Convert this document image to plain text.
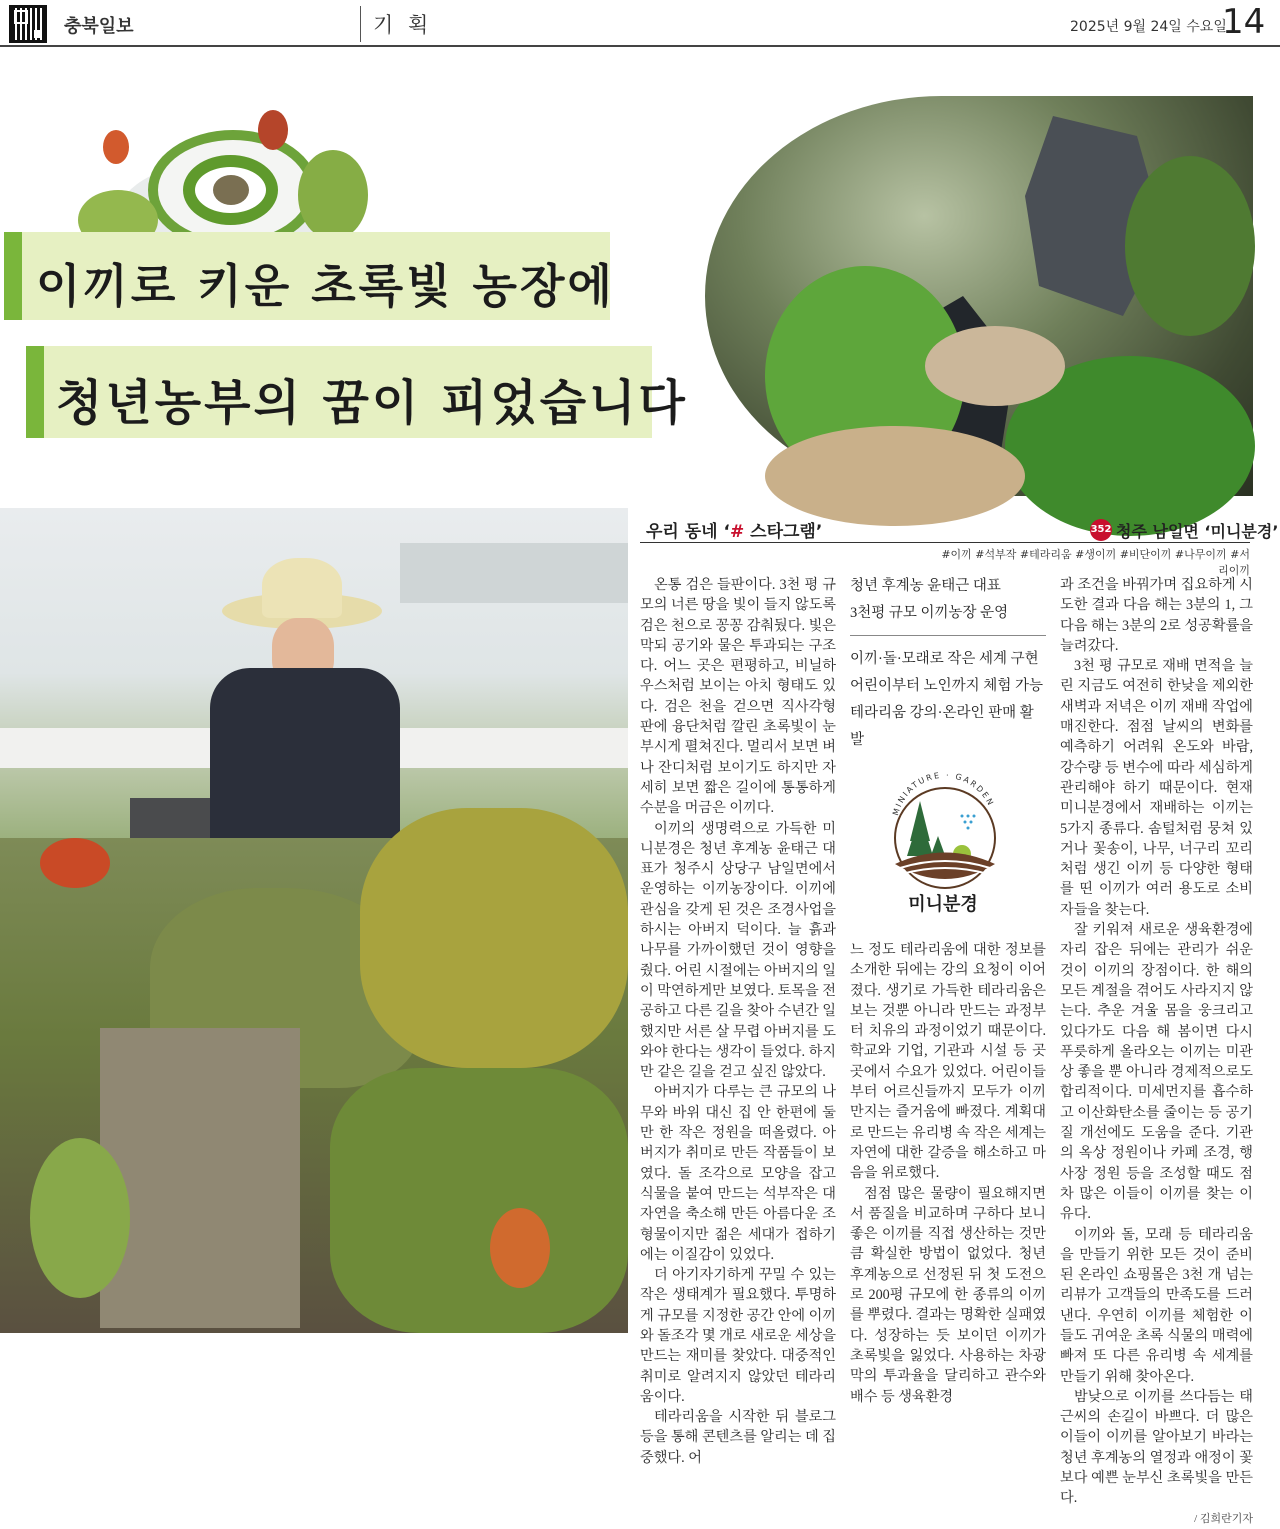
충북일보	기 획	2025년 9월 24일 수요일
14
이끼로 키운 초록빛 농장에
청년농부의 꿈이 피었습니다
우리 동네 ‘# 스타그램’	352 청주 남일면 ‘미니분경’
#이끼 #석부작 #테라리움 #생이끼 #비단이끼 #나무이끼 #서리이끼

온통 검은 들판이다. 3천 평 규모의 너른 땅을 빛이 들지 않도록 검은 천으로 꽁꽁 감춰뒀다. 빛은 막되 공기와 물은 투과되는 구조다. 어느 곳은 편평하고, 비닐하우스처럼 보이는 아치 형태도 있다. 검은 천을 걷으면 직사각형 판에 융단처럼 깔린 초록빛이 눈부시게 펼쳐진다. 멀리서 보면 벼나 잔디처럼 보이기도 하지만 자세히 보면 짧은 길이에 통통하게 수분을 머금은 이끼다.

이끼의 생명력으로 가득한 미니분경은 청년 후계농 윤태근 대표가 청주시 상당구 남일면에서 운영하는 이끼농장이다. 이끼에 관심을 갖게 된 것은 조경사업을 하시는 아버지 덕이다. 늘 흙과 나무를 가까이했던 것이 영향을 줬다. 어린 시절에는 아버지의 일이 막연하게만 보였다. 토목을 전공하고 다른 길을 찾아 수년간 일했지만 서른 살 무렵 아버지를 도와야 한다는 생각이 들었다. 하지만 같은 길을 걷고 싶진 않았다.

아버지가 다루는 큰 규모의 나무와 바위 대신 집 안 한편에 둘만 한 작은 정원을 떠올렸다. 아버지가 취미로 만든 작품들이 보였다. 돌 조각으로 모양을 잡고 식물을 붙여 만드는 석부작은 대자연을 축소해 만든 아름다운 조형물이지만 젊은 세대가 접하기에는 이질감이 있었다.

더 아기자기하게 꾸밀 수 있는 작은 생태계가 필요했다. 투명하게 규모를 지정한 공간 안에 이끼와 돌조각 몇 개로 새로운 세상을 만드는 재미를 찾았다. 대중적인 취미로 알려지지 않았던 테라리움이다.

테라리움을 시작한 뒤 블로그 등을 통해 콘텐츠를 알리는 데 집중했다. 어

청년 후계농 윤태근 대표
3천평 규모 이끼농장 운영
이끼·돌·모래로 작은 세계 구현
어린이부터 노인까지 체험 가능
테라리움 강의·온라인 판매 활발
MINIATURE · GARDEN
미니분경

느 정도 테라리움에 대한 정보를 소개한 뒤에는 강의 요청이 이어졌다. 생기로 가득한 테라리움은 보는 것뿐 아니라 만드는 과정부터 치유의 과정이었기 때문이다. 학교와 기업, 기관과 시설 등 곳곳에서 수요가 있었다. 어린이들부터 어르신들까지 모두가 이끼 만지는 즐거움에 빠졌다. 계획대로 만드는 유리병 속 작은 세계는 자연에 대한 갈증을 해소하고 마음을 위로했다.

점점 많은 물량이 필요해지면서 품질을 비교하며 구하다 보니 좋은 이끼를 직접 생산하는 것만큼 확실한 방법이 없었다. 청년 후계농으로 선정된 뒤 첫 도전으로 200평 규모에 한 종류의 이끼를 뿌렸다. 결과는 명확한 실패였다. 성장하는 듯 보이던 이끼가 초록빛을 잃었다. 사용하는 차광막의 투과율을 달리하고 관수와 배수 등 생육환경

과 조건을 바꿔가며 집요하게 시도한 결과 다음 해는 3분의 1, 그다음 해는 3분의 2로 성공확률을 늘려갔다.

3천 평 규모로 재배 면적을 늘린 지금도 여전히 한낮을 제외한 새벽과 저녁은 이끼 재배 작업에 매진한다. 점점 날씨의 변화를 예측하기 어려워 온도와 바람, 강수량 등 변수에 따라 세심하게 관리해야 하기 때문이다. 현재 미니분경에서 재배하는 이끼는 5가지 종류다. 솜털처럼 뭉쳐 있거나 꽃송이, 나무, 너구리 꼬리처럼 생긴 이끼 등 다양한 형태를 띤 이끼가 여러 용도로 소비자들을 찾는다.

잘 키워져 새로운 생육환경에 자리 잡은 뒤에는 관리가 쉬운 것이 이끼의 장점이다. 한 해의 모든 계절을 겪어도 사라지지 않는다. 추운 겨울 몸을 웅크리고 있다가도 다음 해 봄이면 다시 푸릇하게 올라오는 이끼는 미관상 좋을 뿐 아니라 경제적으로도 합리적이다. 미세먼지를 흡수하고 이산화탄소를 줄이는 등 공기 질 개선에도 도움을 준다. 기관의 옥상 정원이나 카페 조경, 행사장 정원 등을 조성할 때도 점차 많은 이들이 이끼를 찾는 이유다.

이끼와 돌, 모래 등 테라리움을 만들기 위한 모든 것이 준비된 온라인 쇼핑몰은 3천 개 넘는 리뷰가 고객들의 만족도를 드러낸다. 우연히 이끼를 체험한 이들도 귀여운 초록 식물의 매력에 빠져 또 다른 유리병 속 세계를 만들기 위해 찾아온다.

밤낮으로 이끼를 쓰다듬는 태근씨의 손길이 바쁘다. 더 많은 이들이 이끼를 알아보기 바라는 청년 후계농의 열정과 애정이 꽃보다 예쁜 눈부신 초록빛을 만든다.

/ 김희란기자
